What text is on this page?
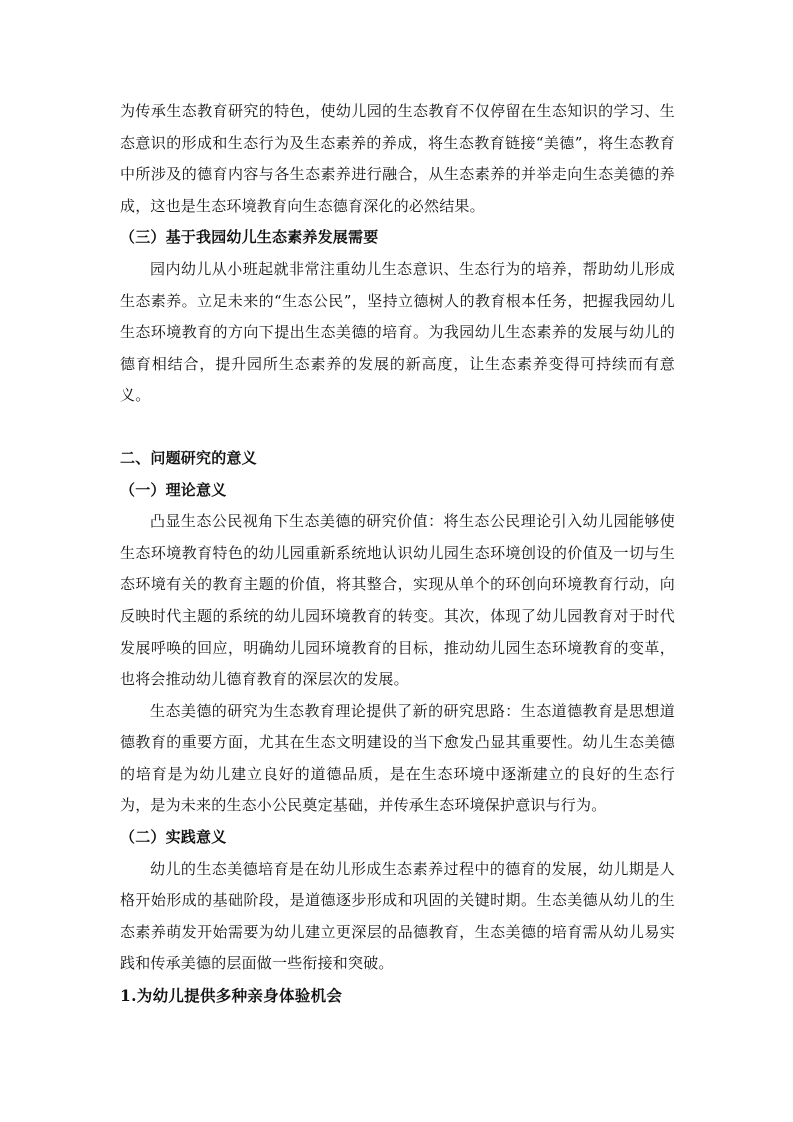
为传承生态教育研究的特色，使幼儿园的生态教育不仅停留在生态知识的学习、生态意识的形成和生态行为及生态素养的养成，将生态教育链接“美德”，将生态教育中所涉及的德育内容与各生态素养进行融合，从生态素养的并举走向生态美德的养成，这也是生态环境教育向生态德育深化的必然结果。

（三）基于我园幼儿生态素养发展需要

园内幼儿从小班起就非常注重幼儿生态意识、生态行为的培养，帮助幼儿形成生态素养。立足未来的“生态公民”，坚持立德树人的教育根本任务，把握我园幼儿生态环境教育的方向下提出生态美德的培育。为我园幼儿生态素养的发展与幼儿的德育相结合，提升园所生态素养的发展的新高度，让生态素养变得可持续而有意义。

二、问题研究的意义

（一）理论意义

凸显生态公民视角下生态美德的研究价值：将生态公民理论引入幼儿园能够使生态环境教育特色的幼儿园重新系统地认识幼儿园生态环境创设的价值及一切与生态环境有关的教育主题的价值，将其整合，实现从单个的环创向环境教育行动，向反映时代主题的系统的幼儿园环境教育的转变。其次，体现了幼儿园教育对于时代发展呼唤的回应，明确幼儿园环境教育的目标，推动幼儿园生态环境教育的变革，也将会推动幼儿德育教育的深层次的发展。

生态美德的研究为生态教育理论提供了新的研究思路：生态道德教育是思想道德教育的重要方面，尤其在生态文明建设的当下愈发凸显其重要性。幼儿生态美德的培育是为幼儿建立良好的道德品质，是在生态环境中逐渐建立的良好的生态行为，是为未来的生态小公民奠定基础，并传承生态环境保护意识与行为。

（二）实践意义

幼儿的生态美德培育是在幼儿形成生态素养过程中的德育的发展，幼儿期是人格开始形成的基础阶段，是道德逐步形成和巩固的关键时期。生态美德从幼儿的生态素养萌发开始需要为幼儿建立更深层的品德教育，生态美德的培育需从幼儿易实践和传承美德的层面做一些衔接和突破。

1.为幼儿提供多种亲身体验机会
